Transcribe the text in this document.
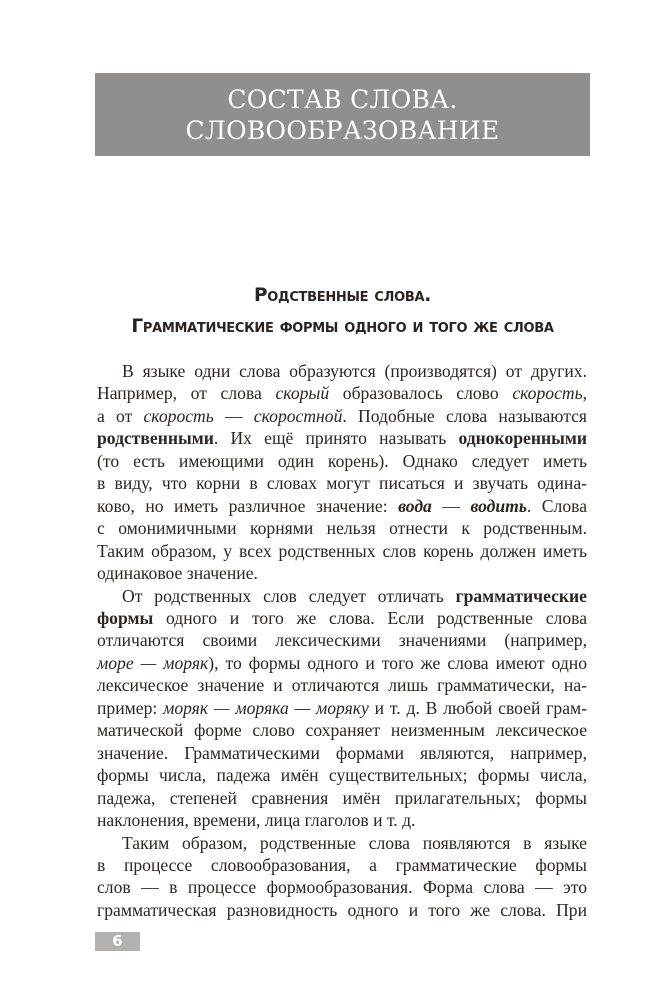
СОСТАВ СЛОВА.
СЛОВООБРАЗОВАНИЕ
Родственные слова.
Грамматические формы одного и того же слова
В языке одни слова образуются (производятся) от других.
Например, от слова скорый образовалось слово скорость,
а от скорость — скоростной. Подобные слова называются
родственными. Их ещё принято называть однокоренными
(то есть имеющими один корень). Однако следует иметь
в виду, что корни в словах могут писаться и звучать одина-
ково, но иметь различное значение: вода — водить. Слова
с омонимичными корнями нельзя отнести к родственным.
Таким образом, у всех родственных слов корень должен иметь
одинаковое значение.
От родственных слов следует отличать грамматические
формы одного и того же слова. Если родственные слова
отличаются своими лексическими значениями (например,
море — моряк), то формы одного и того же слова имеют одно
лексическое значение и отличаются лишь грамматически, на-
пример: моряк — моряка — моряку и т. д. В любой своей грам-
матической форме слово сохраняет неизменным лексическое
значение. Грамматическими формами являются, например,
формы числа, падежа имён существительных; формы числа,
падежа, степеней сравнения имён прилагательных; формы
наклонения, времени, лица глаголов и т. д.
Таким образом, родственные слова появляются в языке
в процессе словообразования, а грамматические формы
слов — в процессе формообразования. Форма слова — это
грамматическая разновидность одного и того же слова. При
6
